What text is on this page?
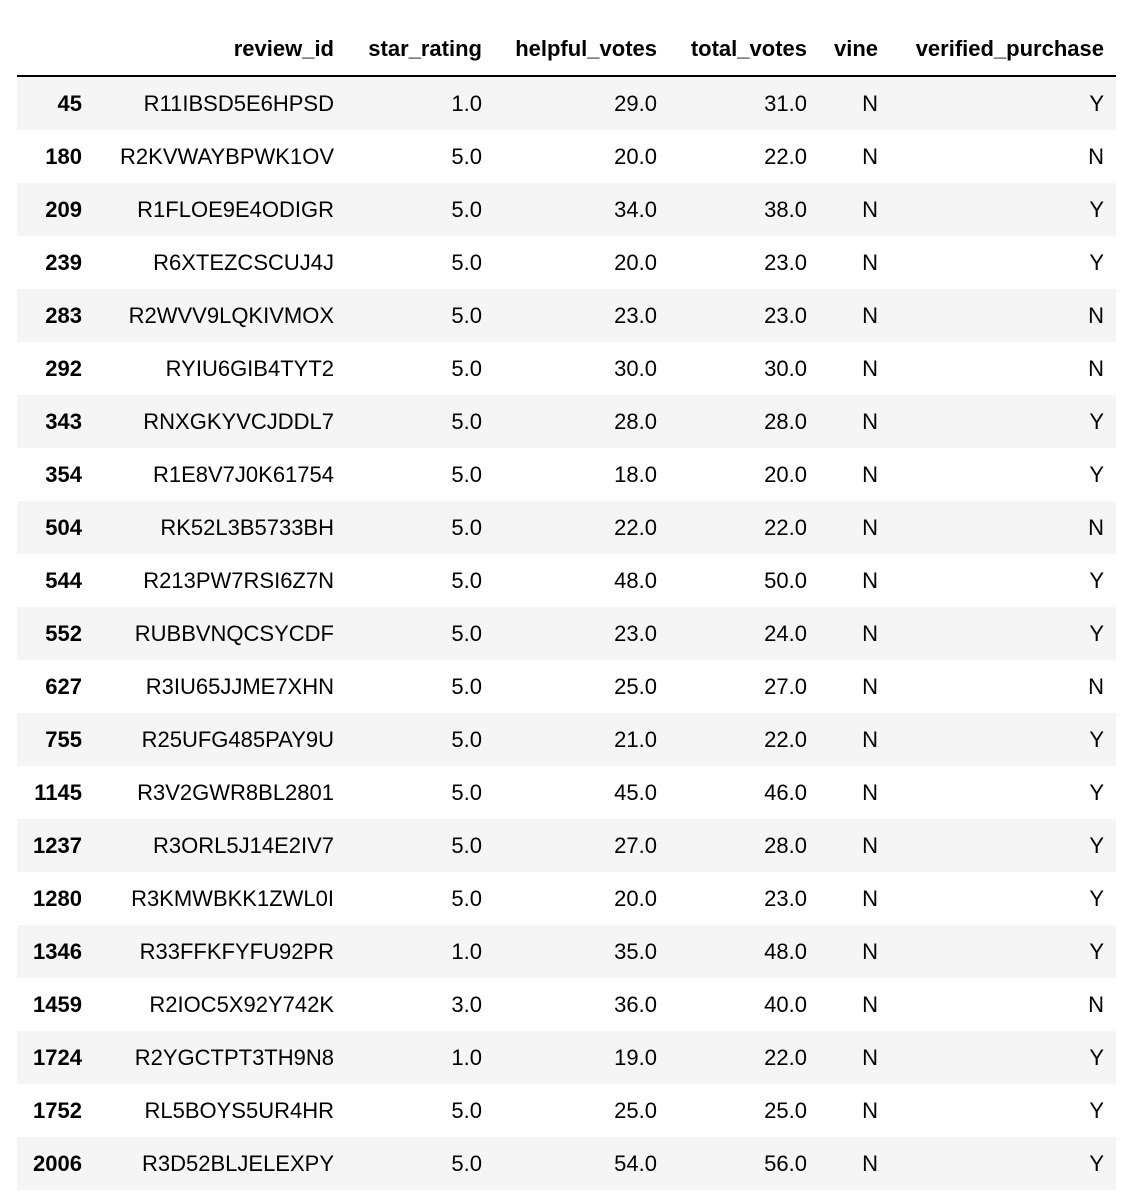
	review_id	star_rating	helpful_votes	total_votes	vine	verified_purchase
45	R11IBSD5E6HPSD	1.0	29.0	31.0	N	Y
180	R2KVWAYBPWK1OV	5.0	20.0	22.0	N	N
209	R1FLOE9E4ODIGR	5.0	34.0	38.0	N	Y
239	R6XTEZCSCUJ4J	5.0	20.0	23.0	N	Y
283	R2WVV9LQKIVMOX	5.0	23.0	23.0	N	N
292	RYIU6GIB4TYT2	5.0	30.0	30.0	N	N
343	RNXGKYVCJDDL7	5.0	28.0	28.0	N	Y
354	R1E8V7J0K61754	5.0	18.0	20.0	N	Y
504	RK52L3B5733BH	5.0	22.0	22.0	N	N
544	R213PW7RSI6Z7N	5.0	48.0	50.0	N	Y
552	RUBBVNQCSYCDF	5.0	23.0	24.0	N	Y
627	R3IU65JJME7XHN	5.0	25.0	27.0	N	N
755	R25UFG485PAY9U	5.0	21.0	22.0	N	Y
1145	R3V2GWR8BL2801	5.0	45.0	46.0	N	Y
1237	R3ORL5J14E2IV7	5.0	27.0	28.0	N	Y
1280	R3KMWBKK1ZWL0I	5.0	20.0	23.0	N	Y
1346	R33FFKFYFU92PR	1.0	35.0	48.0	N	Y
1459	R2IOC5X92Y742K	3.0	36.0	40.0	N	N
1724	R2YGCTPT3TH9N8	1.0	19.0	22.0	N	Y
1752	RL5BOYS5UR4HR	5.0	25.0	25.0	N	Y
2006	R3D52BLJELEXPY	5.0	54.0	56.0	N	Y
